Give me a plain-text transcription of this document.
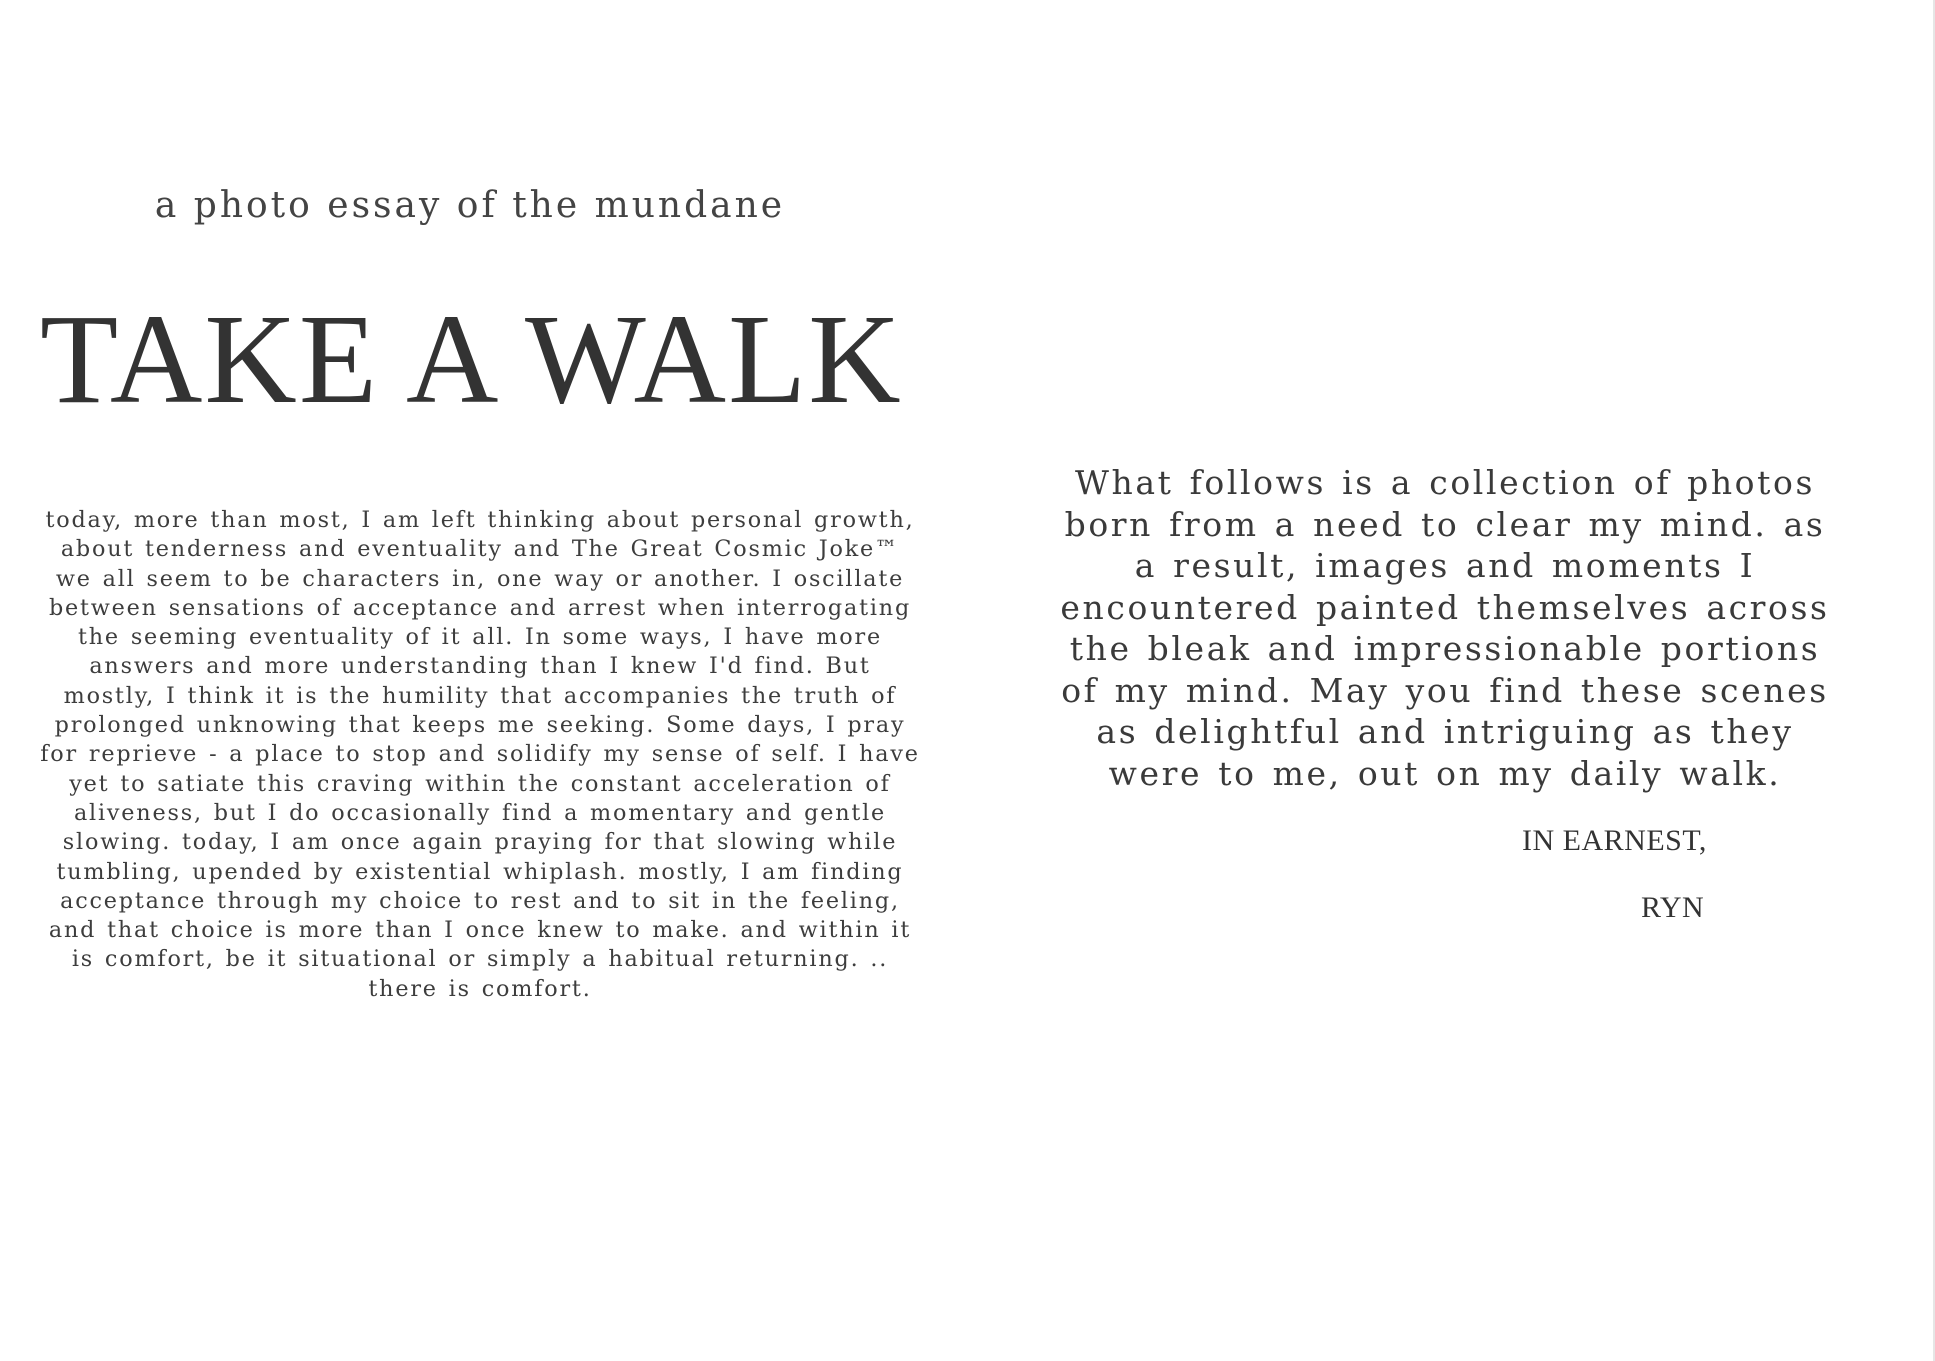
a photo essay of the mundane
TAKE A WALK
today, more than most, I am left thinking about personal growth, about tenderness and eventuality and The Great Cosmic Joke™ we all seem to be characters in, one way or another. I oscillate between sensations of acceptance and arrest when interrogating the seeming eventuality of it all. In some ways, I have more answers and more understanding than I knew I'd find. But mostly, I think it is the humility that accompanies the truth of prolonged unknowing that keeps me seeking. Some days, I pray for reprieve - a place to stop and solidify my sense of self. I have yet to satiate this craving within the constant acceleration of aliveness, but I do occasionally find a momentary and gentle slowing. today, I am once again praying for that slowing while tumbling, upended by existential whiplash. mostly, I am finding acceptance through my choice to rest and to sit in the feeling, and that choice is more than I once knew to make. and within it is comfort, be it situational or simply a habitual returning. .. there is comfort.
What follows is a collection of photos born from a need to clear my mind. as a result, images and moments I encountered painted themselves across the bleak and impressionable portions of my mind. May you find these scenes as delightful and intriguing as they were to me, out on my daily walk.
IN EARNEST,
RYN
